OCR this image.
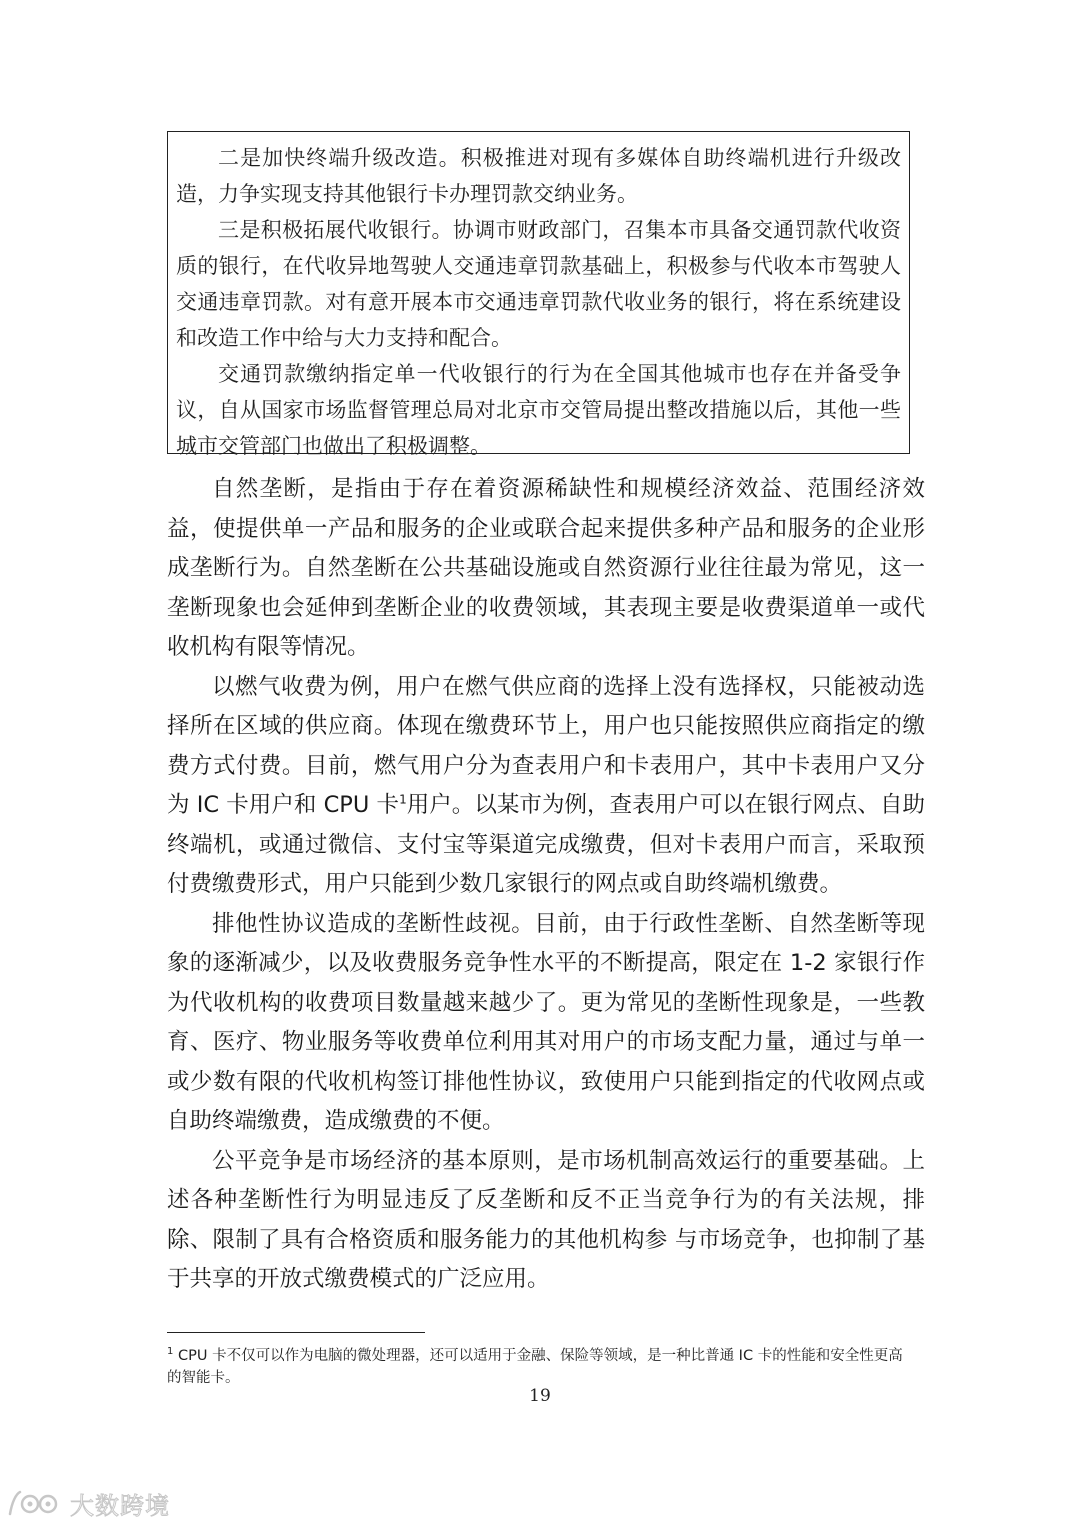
二是加快终端升级改造。积极推进对现有多媒体自助终端机进行升级改造，力争实现支持其他银行卡办理罚款交纳业务。

三是积极拓展代收银行。协调市财政部门，召集本市具备交通罚款代收资质的银行，在代收异地驾驶人交通违章罚款基础上，积极参与代收本市驾驶人交通违章罚款。对有意开展本市交通违章罚款代收业务的银行，将在系统建设和改造工作中给与大力支持和配合。

交通罚款缴纳指定单一代收银行的行为在全国其他城市也存在并备受争议，自从国家市场监督管理总局对北京市交管局提出整改措施以后，其他一些城市交管部门也做出了积极调整。

自然垄断，是指由于存在着资源稀缺性和规模经济效益、范围经济效益，使提供单一产品和服务的企业或联合起来提供多种产品和服务的企业形成垄断行为。自然垄断在公共基础设施或自然资源行业往往最为常见，这一垄断现象也会延伸到垄断企业的收费领域，其表现主要是收费渠道单一或代收机构有限等情况。

以燃气收费为例，用户在燃气供应商的选择上没有选择权，只能被动选择所在区域的供应商。体现在缴费环节上，用户也只能按照供应商指定的缴费方式付费。目前，燃气用户分为查表用户和卡表用户，其中卡表用户又分为 IC 卡用户和 CPU 卡$^1$用户。以某市为例，查表用户可以在银行网点、自助终端机，或通过微信、支付宝等渠道完成缴费，但对卡表用户而言，采取预付费缴费形式，用户只能到少数几家银行的网点或自助终端机缴费。

排他性协议造成的垄断性歧视。目前，由于行政性垄断、自然垄断等现象的逐渐减少，以及收费服务竞争性水平的不断提高，限定在 1-2 家银行作为代收机构的收费项目数量越来越少了。更为常见的垄断性现象是，一些教育、医疗、物业服务等收费单位利用其对用户的市场支配力量，通过与单一或少数有限的代收机构签订排他性协议，致使用户只能到指定的代收网点或自助终端缴费，造成缴费的不便。

公平竞争是市场经济的基本原则，是市场机制高效运行的重要基础。上述各种垄断性行为明显违反了反垄断和反不正当竞争行为的有关法规，排除、限制了具有合格资质和服务能力的其他机构参 与市场竞争，也抑制了基于共享的开放式缴费模式的广泛应用。

$^1$ CPU 卡不仅可以作为电脑的微处理器，还可以适用于金融、保险等领域，是一种比普通 IC 卡的性能和安全性更高的智能卡。

19
大数跨境
